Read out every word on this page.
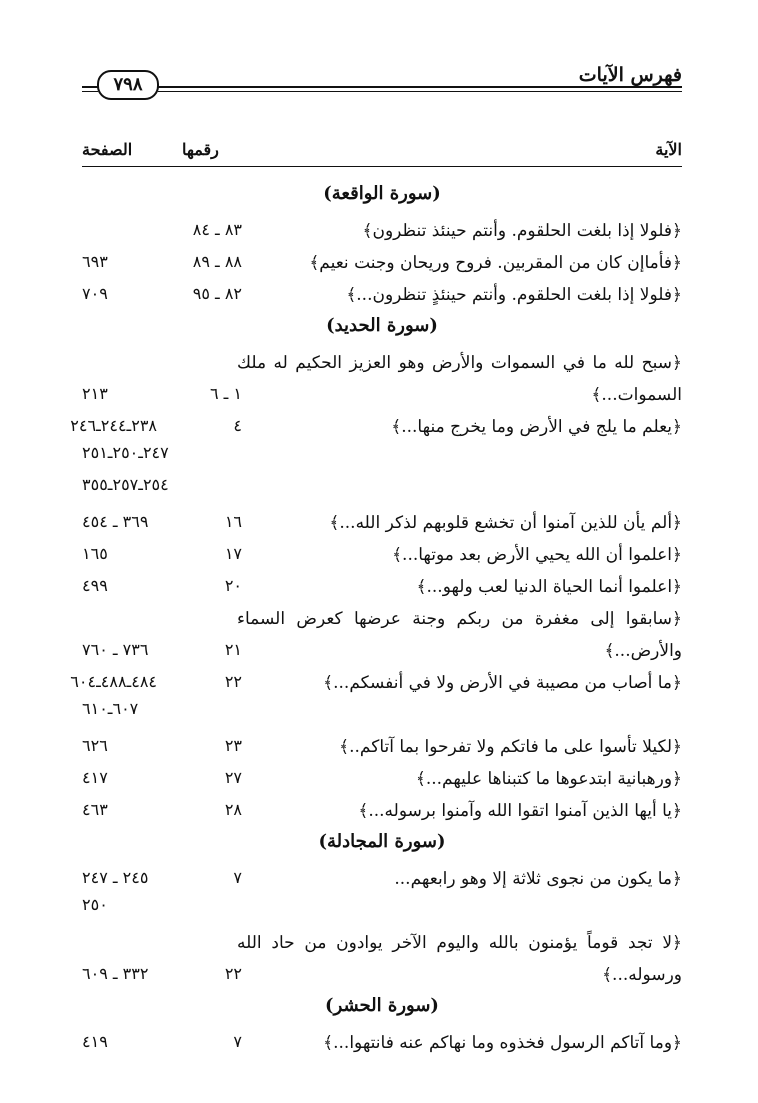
فهرس الآيات
٧٩٨
الآية
رقمها
الصفحة
(سورة الواقعة)
﴿فلولا إذا بلغت الحلقوم. وأنتم حينئذ تنظرون﴾
٨٣ ـ ٨٤
﴿فأماإن كان من المقربين. فروح وريحان وجنت نعيم﴾
٨٨ ـ ٨٩
٦٩٣
﴿فلولا إذا بلغت الحلقوم. وأنتم حينئذٍ تنظرون...﴾
٨٢ ـ ٩٥
٧٠٩
(سورة الحديد)
﴿سبح لله ما في السموات والأرض وهو العزيز الحكيم له ملك السموات...﴾
١ ـ ٦
٢١٣
﴿يعلم ما يلج في الأرض وما يخرج منها...﴾
٤
٢٣٨ـ٢٤٤ـ٢٤٦
٢٤٧ـ٢٥٠ـ٢٥١
٢٥٤ـ٢٥٧ـ٣٥٥
﴿ألم يأن للذين آمنوا أن تخشع قلوبهم لذكر الله...﴾
١٦
٣٦٩ ـ ٤٥٤
﴿اعلموا أن الله يحيي الأرض بعد موتها...﴾
١٧
١٦٥
﴿اعلموا أنما الحياة الدنيا لعب ولهو...﴾
٢٠
٤٩٩
﴿سابقوا إلى مغفرة من ربكم وجنة عرضها كعرض السماء والأرض...﴾
٢١
٧٣٦ ـ ٧٦٠
﴿ما أصاب من مصيبة في الأرض ولا في أنفسكم...﴾
٢٢
٤٨٤ـ٤٨٨ـ٦٠٤
٦٠٧ـ٦١٠
﴿لكيلا تأسوا على ما فاتكم ولا تفرحوا بما آتاكم..﴾
٢٣
٦٢٦
﴿ورهبانية ابتدعوها ما كتبناها عليهم...﴾
٢٧
٤١٧
﴿يا أيها الذين آمنوا اتقوا الله وآمنوا برسوله...﴾
٢٨
٤٦٣
(سورة المجادلة)
﴿ما يكون من نجوى ثلاثة إلا وهو رابعهم...
٧
٢٤٥ ـ ٢٤٧
٢٥٠
﴿لا تجد قوماً يؤمنون بالله واليوم الآخر يوادون من حاد الله ورسوله...﴾
٢٢
٣٣٢ ـ ٦٠٩
(سورة الحشر)
﴿وما آتاكم الرسول فخذوه وما نهاكم عنه فانتهوا...﴾
٧
٤١٩
